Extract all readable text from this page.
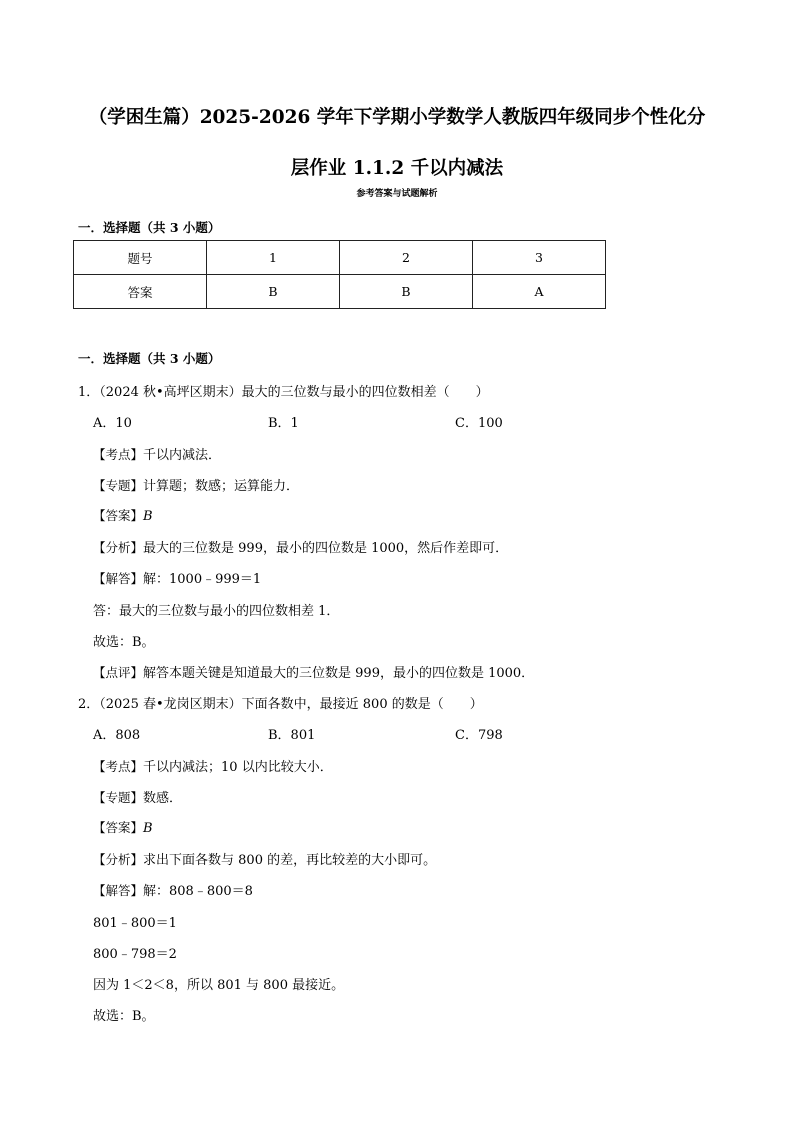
（学困生篇）2025-2026 学年下学期小学数学人教版四年级同步个性化分
层作业 1.1.2 千以内减法
参考答案与试题解析
一．选择题（共 3 小题）
题号	1	2	3
答案	B	B	A
一．选择题（共 3 小题）
1．（2024 秋•高坪区期末）最大的三位数与最小的四位数相差（　　）
A．10	B．1	C．100
【考点】千以内减法．
【专题】计算题；数感；运算能力．
【答案】B
【分析】最大的三位数是 999，最小的四位数是 1000，然后作差即可．
【解答】解：1000﹣999＝1
答：最大的三位数与最小的四位数相差 1．
故选：B。
【点评】解答本题关键是知道最大的三位数是 999，最小的四位数是 1000．
2．（2025 春•龙岗区期末）下面各数中，最接近 800 的数是（　　）
A．808	B．801	C．798
【考点】千以内减法；10 以内比较大小．
【专题】数感．
【答案】B
【分析】求出下面各数与 800 的差，再比较差的大小即可。
【解答】解：808﹣800＝8
801﹣800＝1
800﹣798＝2
因为 1＜2＜8，所以 801 与 800 最接近。
故选：B。
